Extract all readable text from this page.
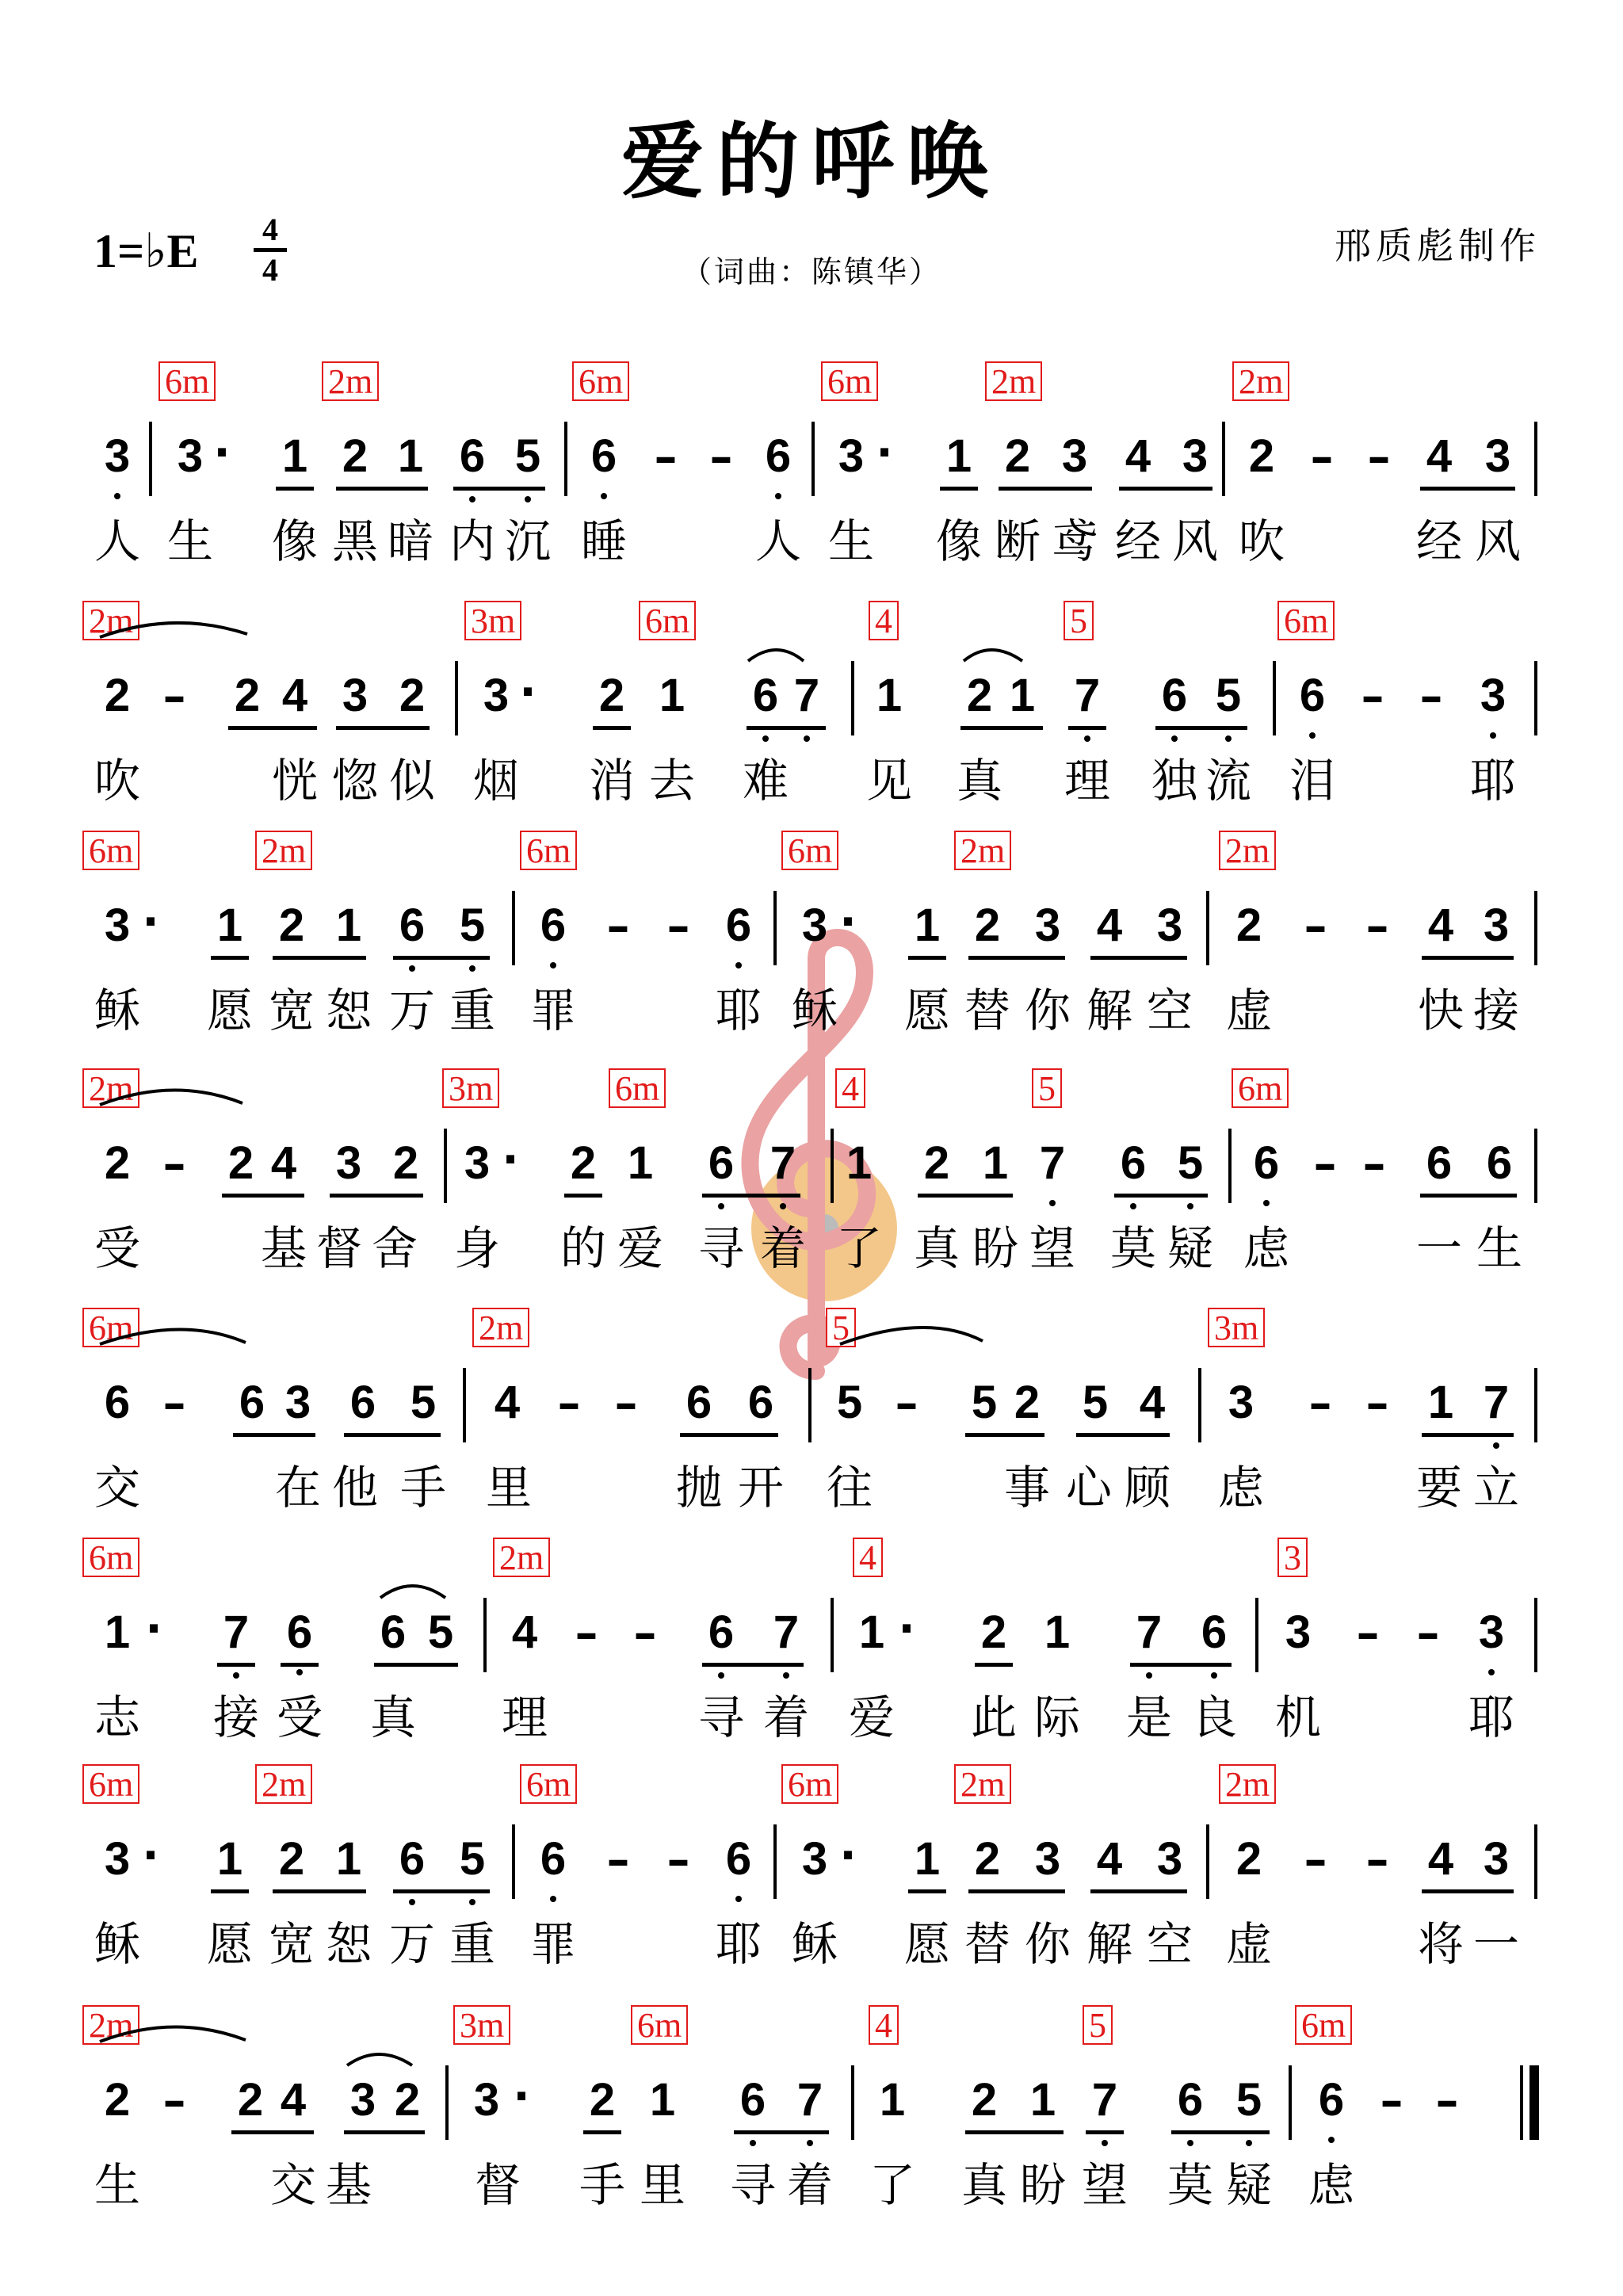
爱的呼唤
1=♭E 4
4	（词曲：陈镇华）
邢质彪制作
6m	2m	6m	6m	2m	2m
3 3 · 1 2 1 6 5 6 – – 6 3 · 1 2 3 4 3 2 – – 4 3
人 生 像 黑 暗 内 沉 睡	人 生 像 断 鸢 经 风 吹	经 风
2m	3m	6m	4	5	6m
2 – 2 4 3 2 3 · 2 1 6 7 1 2 1 7 6 5 6 – – 3
吹	恍 惚 似 烟 消 去 难 见 真 理 独 流 泪	耶
6m	2m	6m	6m	2m	2m
3 · 1 2 1 6 5 6 – – 6 3 · 1 2 3 4 3 2 – – 4 3
稣 愿 宽 恕 万 重 罪	耶 稣 愿 替 你 解 空 虚	快 接
2m	3m	6m	4	5	6m
2 – 2 4 3 2 3 · 2 1 6 7 1 2 1 7 6 5 6 – – 6 6
受	基 督 舍 身 的 爱 寻 着 了 真 盼 望 莫 疑 虑	一 生
6m	2m	5	3m
6 – 6 3 6 5 4 – – 6 6 5 – 5 2 5 4 3 – – 1 7
交	在 他 手 里	抛 开 往	事 心 顾 虑	要 立
6m	2m	4	3
1 · 7 6 6 5 4 – – 6 7 1 · 2 1 7 6 3 – – 3
志 接 受 真 理	寻 着 爱 此 际 是 良 机	耶
6m	2m	6m	6m	2m	2m
3 · 1 2 1 6 5 6 – – 6 3 · 1 2 3 4 3 2 – – 4 3
稣 愿 宽 恕 万 重 罪	耶 稣 愿 替 你 解 空 虚	将 一
2m	3m	6m	4	5	6m
2 – 2 4 3 2 3 · 2 1 6 7 1 2 1 7 6 5 6 – –
生	交 基 督 手 里 寻 着 了 真 盼 望 莫 疑 虑
